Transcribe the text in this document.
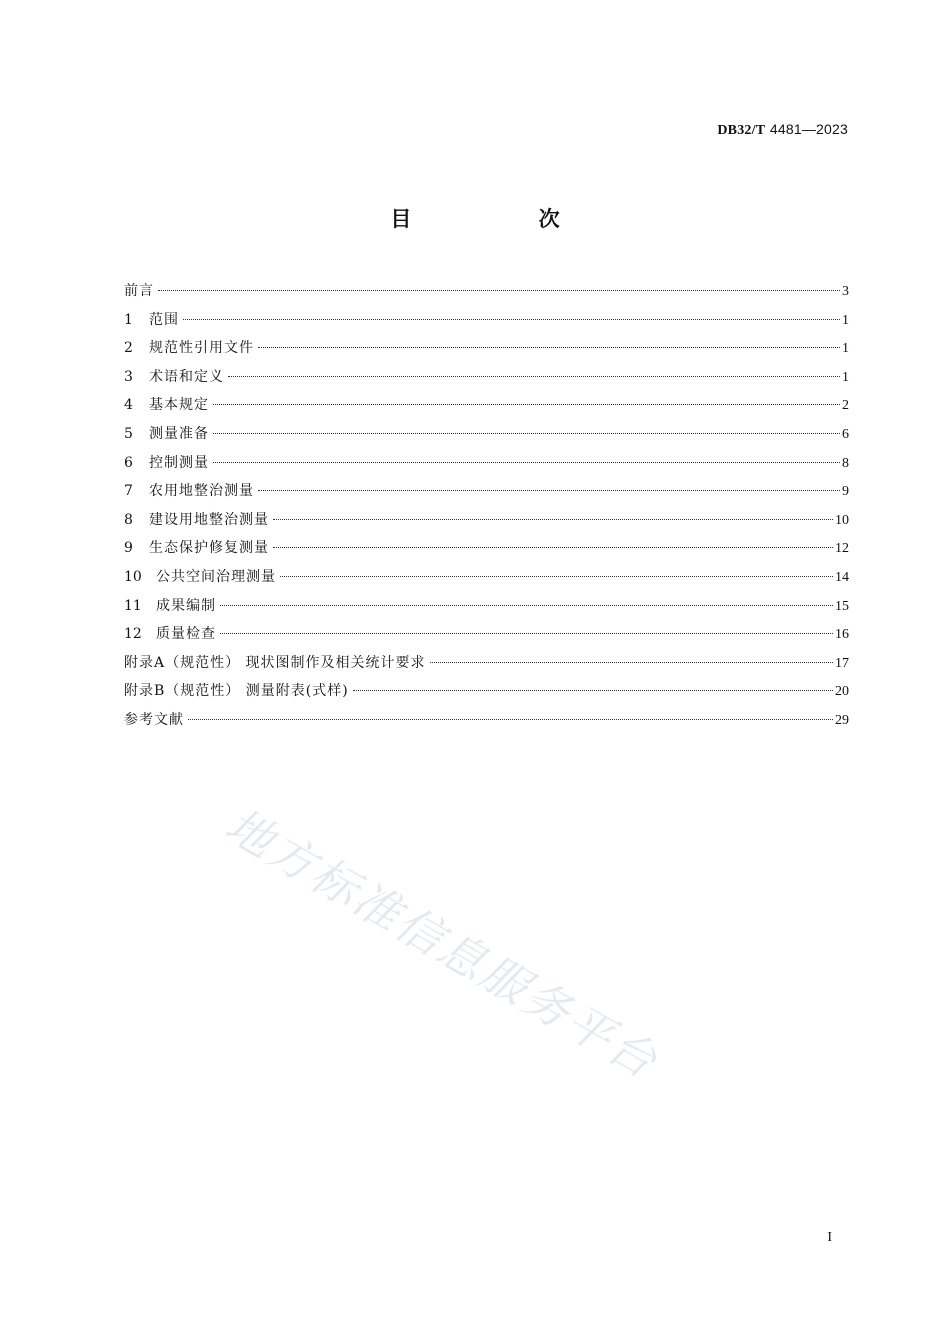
DB32/T 4481—2023
目 次
前言	3
1 范围	1
2 规范性引用文件	1
3 术语和定义	1
4 基本规定	2
5 测量准备	6
6 控制测量	8
7 农用地整治测量	9
8 建设用地整治测量	10
9 生态保护修复测量	12
10 公共空间治理测量	14
11 成果编制	15
12 质量检查	16
附录A（规范性） 现状图制作及相关统计要求	17
附录B（规范性） 测量附表(式样)	20
参考文献	29
地方标准信息服务平台
I
